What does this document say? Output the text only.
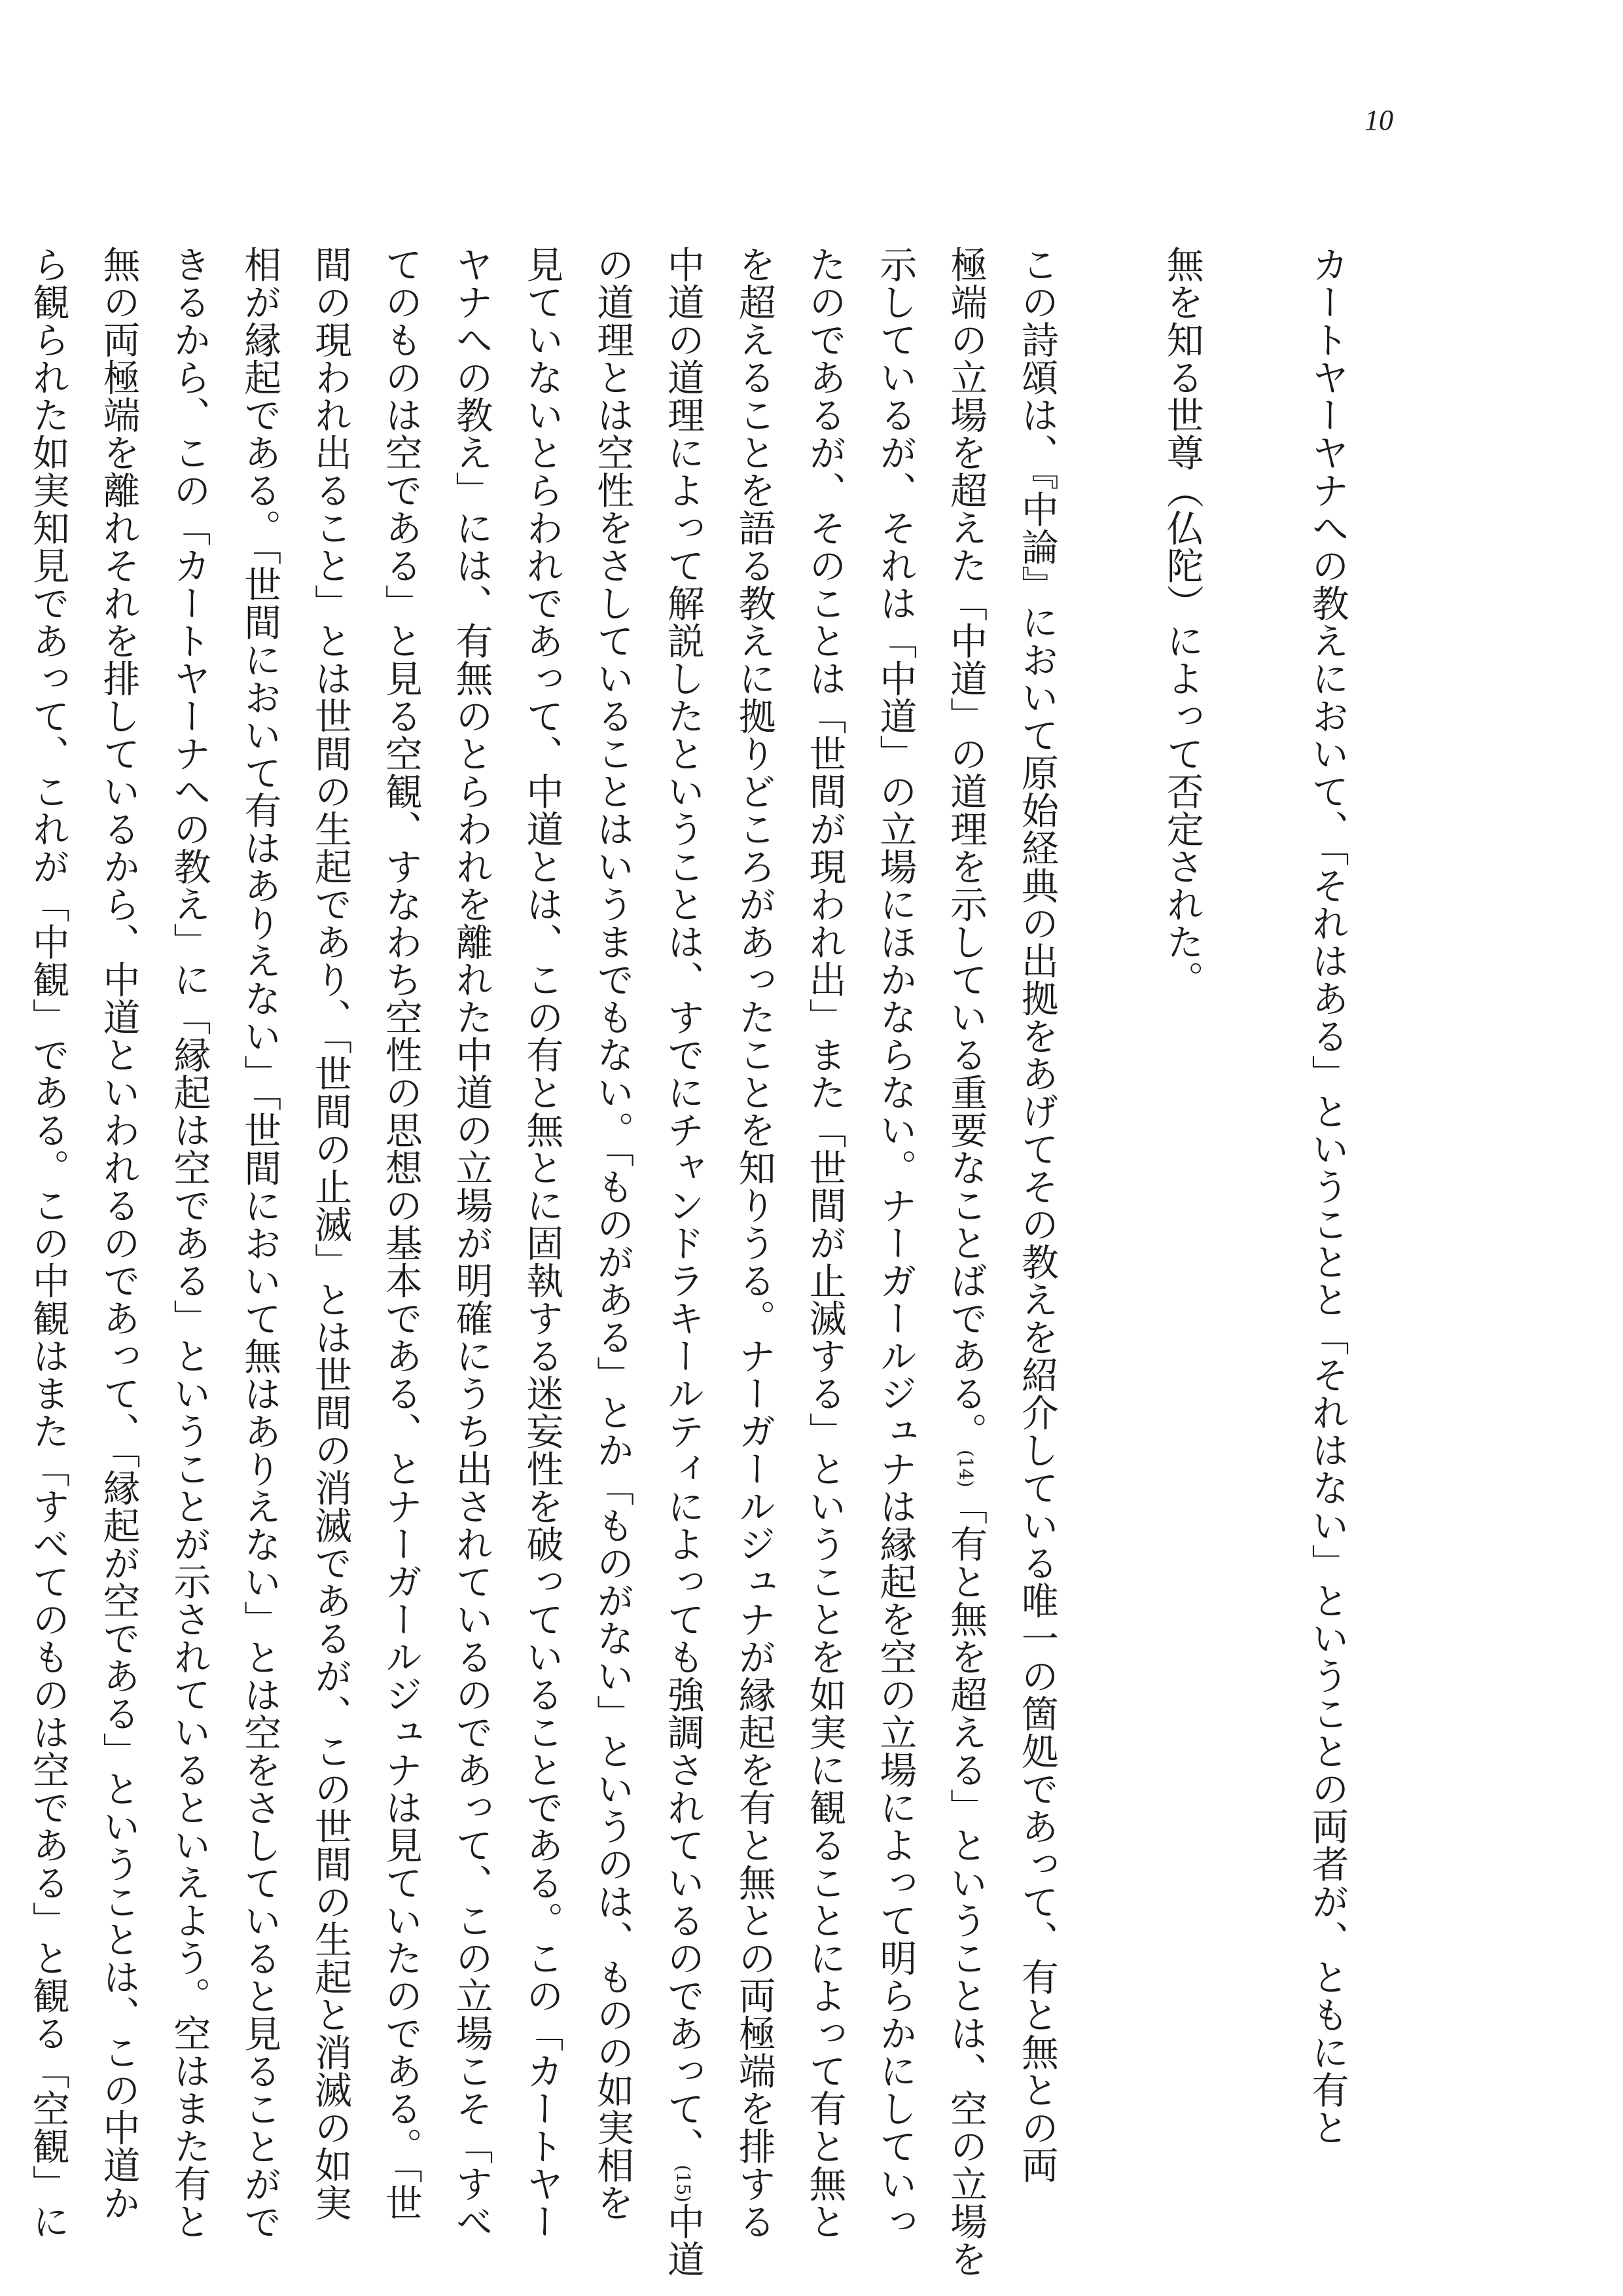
10
カートヤーヤナへの教えにおいて、「それはある」ということと「それはない」ということの両者が、ともに有と
無を知る世尊（仏陀）によって否定された。
この詩頌は、『中論』において原始経典の出拠をあげてその教えを紹介している唯一の箇処であって、有と無との両
極端の立場を超えた「中道」の道理を示している重要なことばである。(14)「有と無を超える」ということは、空の立場を
示しているが、それは「中道」の立場にほかならない。ナーガールジュナは縁起を空の立場によって明らかにしていっ
たのであるが、そのことは「世間が現われ出」また「世間が止滅する」ということを如実に観ることによって有と無と
を超えることを語る教えに拠りどころがあったことを知りうる。ナーガールジュナが縁起を有と無との両極端を排する
中道の道理によって解説したということは、すでにチャンドラキールティによっても強調されているのであって、(15)中道
の道理とは空性をさしていることはいうまでもない。「ものがある」とか「ものがない」というのは、ものの如実相を
見ていないとらわれであって、中道とは、この有と無とに固執する迷妄性を破っていることである。この「カートヤー
ヤナへの教え」には、有無のとらわれを離れた中道の立場が明確にうち出されているのであって、この立場こそ「すべ
てのものは空である」と見る空観、すなわち空性の思想の基本である、とナーガールジュナは見ていたのである。「世
間の現われ出ること」とは世間の生起であり、「世間の止滅」とは世間の消滅であるが、この世間の生起と消滅の如実
相が縁起である。「世間において有はありえない」「世間において無はありえない」とは空をさしていると見ることがで
きるから、この「カートヤーナへの教え」に「縁起は空である」ということが示されているといえよう。空はまた有と
無の両極端を離れそれを排しているから、中道といわれるのであって、「縁起が空である」ということは、この中道か
ら観られた如実知見であって、これが「中観」である。この中観はまた「すべてのものは空である」と観る「空観」に
